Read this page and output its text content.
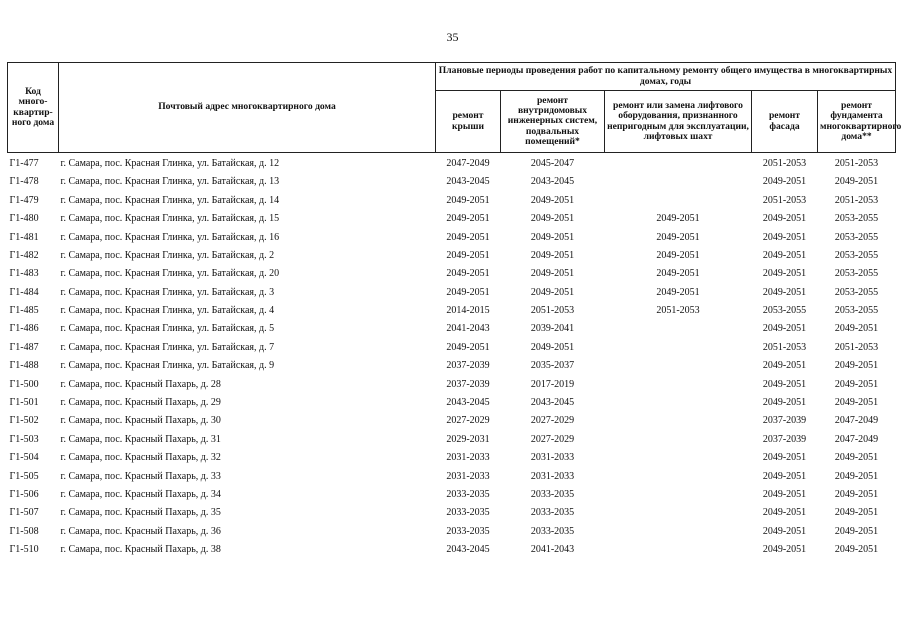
35
Код много-квартир-ного дома	Почтовый адрес многоквартирного дома	Плановые периоды проведения работ по капитальному ремонту общего имущества в многоквартирных домах, годы				
		ремонт крыши	ремонт внутридомовых инженерных систем, подвальных помещений*	ремонт или замена лифтового оборудования, признанного непригодным для эксплуатации, лифтовых шахт	ремонт фасада	ремонт фундамента многоквартирного дома**
Г1-477	г. Самара, пос. Красная Глинка, ул. Батайская, д. 12	2047-2049	2045-2047		2051-2053	2051-2053
Г1-478	г. Самара, пос. Красная Глинка, ул. Батайская, д. 13	2043-2045	2043-2045		2049-2051	2049-2051
Г1-479	г. Самара, пос. Красная Глинка, ул. Батайская, д. 14	2049-2051	2049-2051		2051-2053	2051-2053
Г1-480	г. Самара, пос. Красная Глинка, ул. Батайская, д. 15	2049-2051	2049-2051	2049-2051	2049-2051	2053-2055
Г1-481	г. Самара, пос. Красная Глинка, ул. Батайская, д. 16	2049-2051	2049-2051	2049-2051	2049-2051	2053-2055
Г1-482	г. Самара, пос. Красная Глинка, ул. Батайская, д. 2	2049-2051	2049-2051	2049-2051	2049-2051	2053-2055
Г1-483	г. Самара, пос. Красная Глинка, ул. Батайская, д. 20	2049-2051	2049-2051	2049-2051	2049-2051	2053-2055
Г1-484	г. Самара, пос. Красная Глинка, ул. Батайская, д. 3	2049-2051	2049-2051	2049-2051	2049-2051	2053-2055
Г1-485	г. Самара, пос. Красная Глинка, ул. Батайская, д. 4	2014-2015	2051-2053	2051-2053	2053-2055	2053-2055
Г1-486	г. Самара, пос. Красная Глинка, ул. Батайская, д. 5	2041-2043	2039-2041		2049-2051	2049-2051
Г1-487	г. Самара, пос. Красная Глинка, ул. Батайская, д. 7	2049-2051	2049-2051		2051-2053	2051-2053
Г1-488	г. Самара, пос. Красная Глинка, ул. Батайская, д. 9	2037-2039	2035-2037		2049-2051	2049-2051
Г1-500	г. Самара, пос. Красный Пахарь, д. 28	2037-2039	2017-2019		2049-2051	2049-2051
Г1-501	г. Самара, пос. Красный Пахарь, д. 29	2043-2045	2043-2045		2049-2051	2049-2051
Г1-502	г. Самара, пос. Красный Пахарь, д. 30	2027-2029	2027-2029		2037-2039	2047-2049
Г1-503	г. Самара, пос. Красный Пахарь, д. 31	2029-2031	2027-2029		2037-2039	2047-2049
Г1-504	г. Самара, пос. Красный Пахарь, д. 32	2031-2033	2031-2033		2049-2051	2049-2051
Г1-505	г. Самара, пос. Красный Пахарь, д. 33	2031-2033	2031-2033		2049-2051	2049-2051
Г1-506	г. Самара, пос. Красный Пахарь, д. 34	2033-2035	2033-2035		2049-2051	2049-2051
Г1-507	г. Самара, пос. Красный Пахарь, д. 35	2033-2035	2033-2035		2049-2051	2049-2051
Г1-508	г. Самара, пос. Красный Пахарь, д. 36	2033-2035	2033-2035		2049-2051	2049-2051
Г1-510	г. Самара, пос. Красный Пахарь, д. 38	2043-2045	2041-2043		2049-2051	2049-2051
